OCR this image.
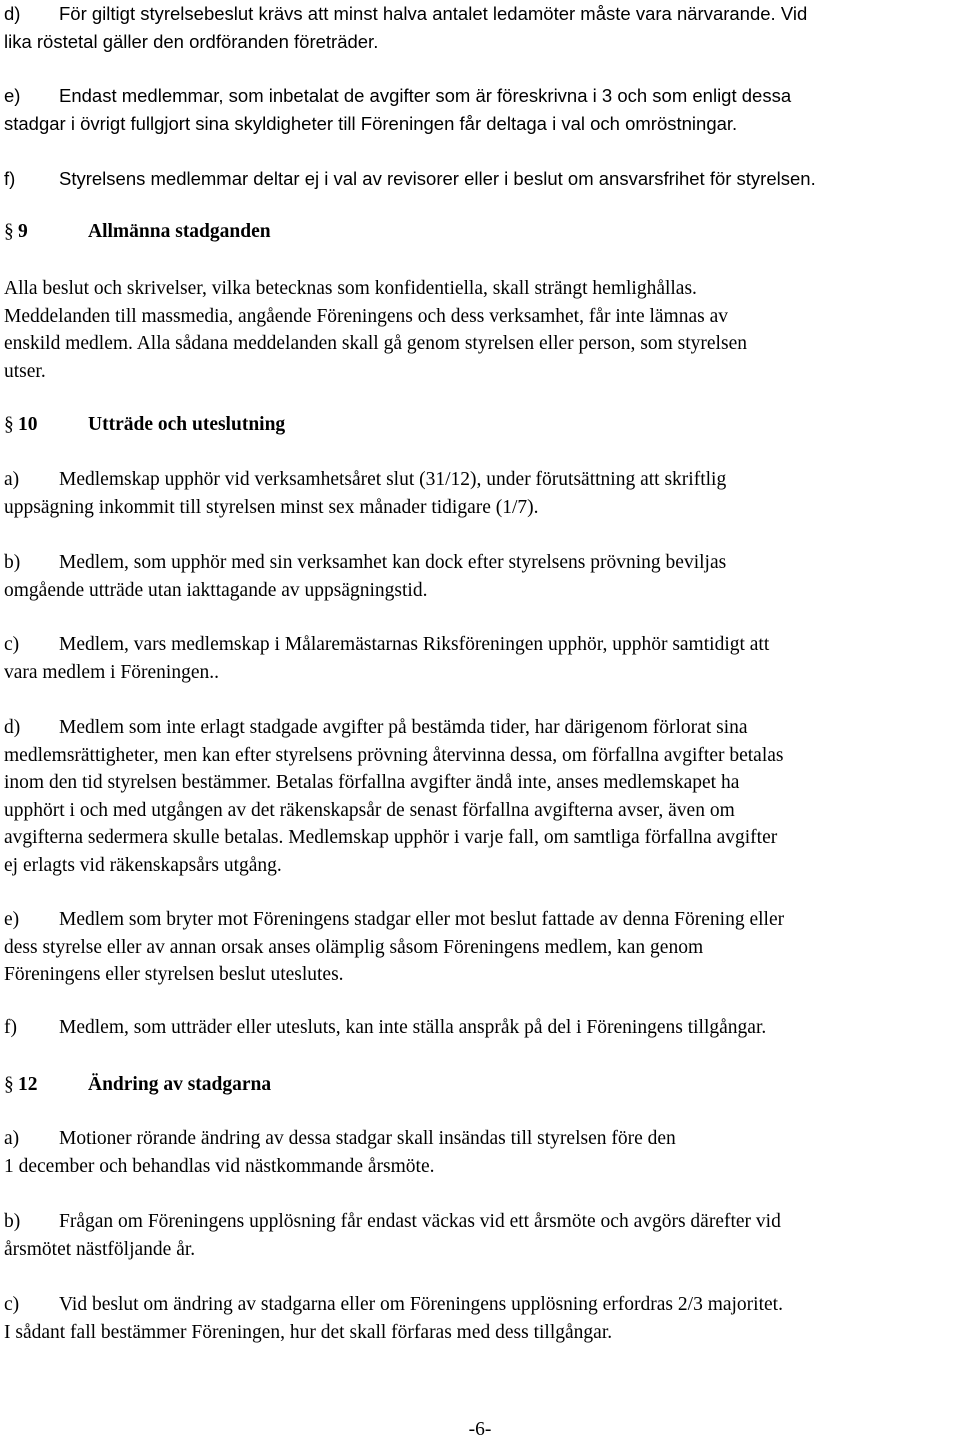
d) För giltigt styrelsebeslut krävs att minst halva antalet ledamöter måste vara närvarande. Vid
lika röstetal gäller den ordföranden företräder.

e) Endast medlemmar, som inbetalat de avgifter som är föreskrivna i 3 och som enligt dessa
stadgar i övrigt fullgjort sina skyldigheter till Föreningen får deltaga i val och omröstningar.

f) Styrelsens medlemmar deltar ej i val av revisorer eller i beslut om ansvarsfrihet för styrelsen.

§ 9	Allmänna stadganden

Alla beslut och skrivelser, vilka betecknas som konfidentiella, skall strängt hemlighållas.
Meddelanden till massmedia, angående Föreningens och dess verksamhet, får inte lämnas av
enskild medlem. Alla sådana meddelanden skall gå genom styrelsen eller person, som styrelsen
utser.

§ 10	Utträde och uteslutning

a) Medlemskap upphör vid verksamhetsåret slut (31/12), under förutsättning att skriftlig
uppsägning inkommit till styrelsen minst sex månader tidigare (1/7).

b) Medlem, som upphör med sin verksamhet kan dock efter styrelsens prövning beviljas
omgående utträde utan iakttagande av uppsägningstid.

c) Medlem, vars medlemskap i Målaremästarnas Riksföreningen upphör, upphör samtidigt att
vara medlem i Föreningen..

d) Medlem som inte erlagt stadgade avgifter på bestämda tider, har därigenom förlorat sina
medlemsrättigheter, men kan efter styrelsens prövning återvinna dessa, om förfallna avgifter betalas
inom den tid styrelsen bestämmer. Betalas förfallna avgifter ändå inte, anses medlemskapet ha
upphört i och med utgången av det räkenskapsår de senast förfallna avgifterna avser, även om
avgifterna sedermera skulle betalas. Medlemskap upphör i varje fall, om samtliga förfallna avgifter
ej erlagts vid räkenskapsårs utgång.

e) Medlem som bryter mot Föreningens stadgar eller mot beslut fattade av denna Förening eller
dess styrelse eller av annan orsak anses olämplig såsom Föreningens medlem, kan genom
Föreningens eller styrelsen beslut uteslutes.

f) Medlem, som utträder eller utesluts, kan inte ställa anspråk på del i Föreningens tillgångar.

§ 12	Ändring av stadgarna

a) Motioner rörande ändring av dessa stadgar skall insändas till styrelsen före den
1 december och behandlas vid nästkommande årsmöte.

b) Frågan om Föreningens upplösning får endast väckas vid ett årsmöte och avgörs därefter vid
årsmötet nästföljande år.

c) Vid beslut om ändring av stadgarna eller om Föreningens upplösning erfordras 2/3 majoritet.
I sådant fall bestämmer Föreningen, hur det skall förfaras med dess tillgångar.

-6-
